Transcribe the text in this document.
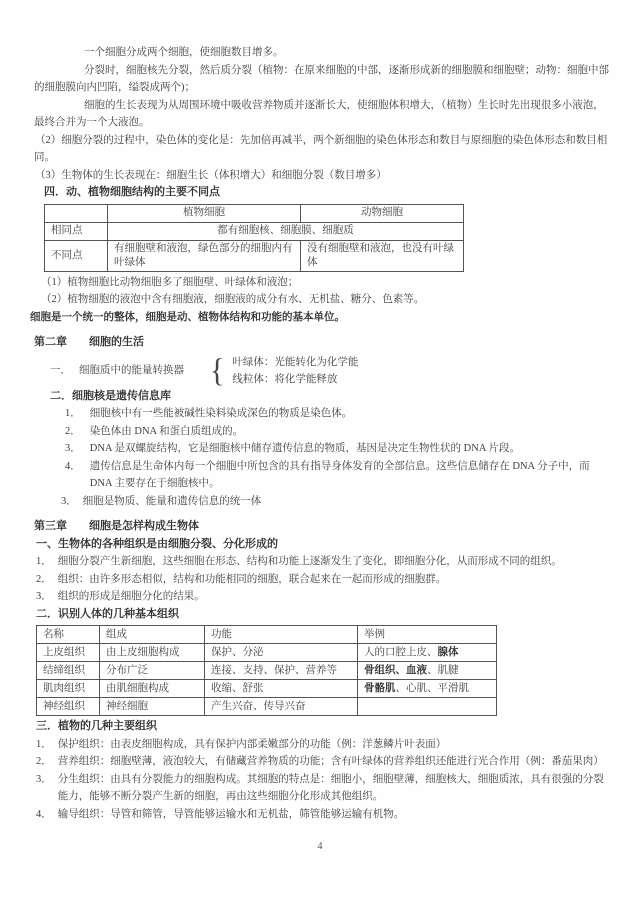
一个细胞分成两个细胞，使细胞数目增多。

分裂时，细胞核先分裂，然后质分裂（植物：在原来细胞的中部，逐渐形成新的细胞膜和细胞壁；动物：细胞中部的细胞膜向内凹陷，缢裂成两个)；

细胞的生长表现为从周围环境中吸收营养物质并逐渐长大，使细胞体积增大，（植物）生长时先出现很多小液泡，最终合并为一个大液泡。

（2）细胞分裂的过程中，染色体的变化是：先加倍再减半，两个新细胞的染色体形态和数目与原细胞的染色体形态和数目相同。

（3）生物体的生长表现在：细胞生长（体积增大）和细胞分裂（数目增多）

四．动、植物细胞结构的主要不同点
	植物细胞	动物细胞
相同点	都有细胞核、细胞膜、细胞质	
不同点	有细胞壁和液泡，绿色部分的细胞内有叶绿体	没有细胞壁和液泡，也没有叶绿体

（1）植物细胞比动物细胞多了细胞壁、叶绿体和液泡；

（2）植物细胞的液泡中含有细胞液，细胞液的成分有水、无机盐、糖分、色素等。

细胞是一个统一的整体，细胞是动、植物体结构和功能的基本单位。

第二章 细胞的生活
一． 细胞质中的能量转换器 { 叶绿体：光能转化为化学能
线粒体：将化学能释放
二．细胞核是遗传信息库
1． 细胞核中有一些能被碱性染料染成深色的物质是染色体。
2． 染色体由 DNA 和蛋白质组成的。
3． DNA 是双螺旋结构，它是细胞核中储存遗传信息的物质，基因是决定生物性状的 DNA 片段。
4． 遗传信息是生命体内每一个细胞中所包含的具有指导身体发育的全部信息。这些信息储存在 DNA 分子中，而 DNA 主要存在于细胞核中。
3． 细胞是物质、能量和遗传信息的统一体
第三章 细胞是怎样构成生物体
一、生物体的各种组织是由细胞分裂、分化形成的
1． 细胞分裂产生新细胞，这些细胞在形态、结构和功能上逐渐发生了变化，即细胞分化，从而形成不同的组织。
2． 组织：由许多形态相似，结构和功能相同的细胞，联合起来在一起而形成的细胞群。
3． 组织的形成是细胞分化的结果。
二．识别人体的几种基本组织
名称	组成	功能	举例
上皮组织	由上皮细胞构成	保护、分泌	人的口腔上皮、腺体
结缔组织	分布广泛	连接、支持、保护、营养等	骨组织、血液、肌腱
肌肉组织	由肌细胞构成	收缩、舒张	骨骼肌、心肌、平滑肌
神经组织	神经细胞	产生兴奋、传导兴奋	
三．植物的几种主要组织
1． 保护组织：由表皮细胞构成，具有保护内部柔嫩部分的功能（例：洋葱鳞片叶表面）
2． 营养组织：细胞壁薄，液泡较大，有储藏营养物质的功能；含有叶绿体的营养组织还能进行光合作用（例：番茄果肉）
3． 分生组织：由具有分裂能力的细胞构成。其细胞的特点是：细胞小，细胞壁薄，细胞核大，细胞质浓，具有很强的分裂能力，能够不断分裂产生新的细胞，再由这些细胞分化形成其他组织。
4． 输导组织：导管和筛管，导管能够运输水和无机盐，筛管能够运输有机物。
4
